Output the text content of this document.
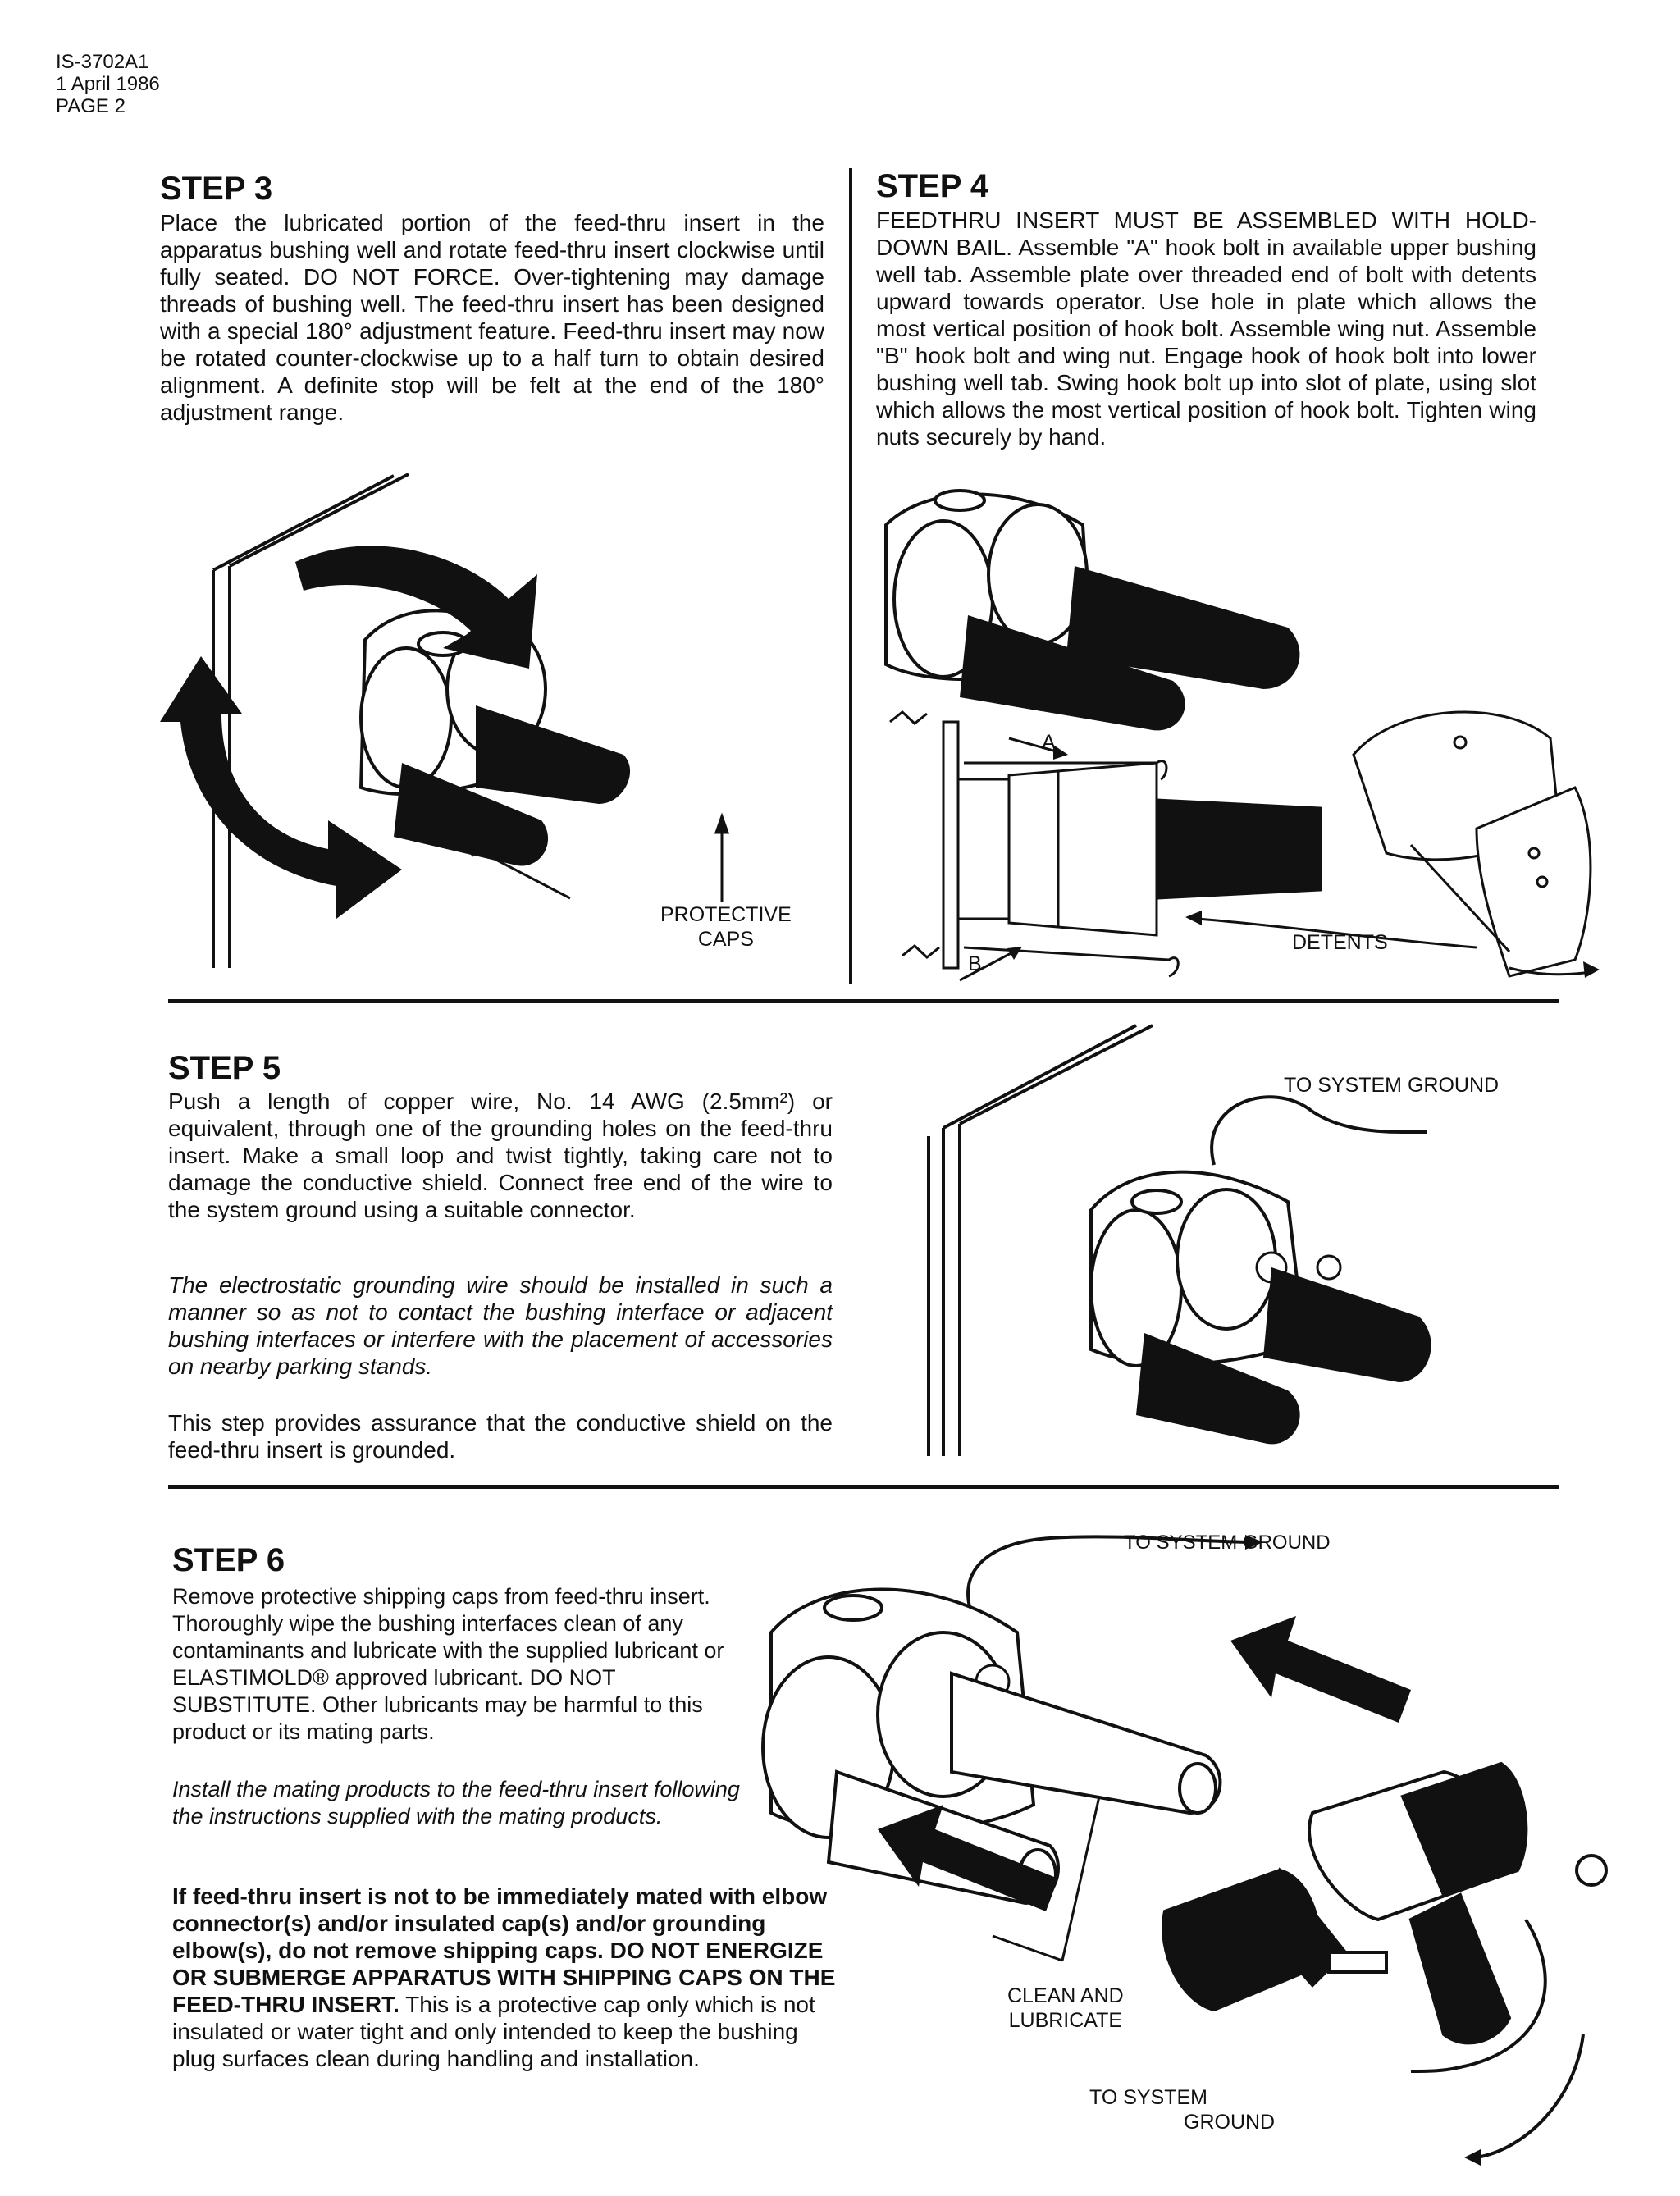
IS-3702A1
1 April 1986
PAGE 2
STEP 3
Place the lubricated portion of the feed-thru insert in the apparatus bushing well and rotate feed-thru insert clockwise until fully seated. DO NOT FORCE. Over-tightening may damage threads of bushing well. The feed-thru insert has been designed with a special 180° adjustment feature. Feed-thru insert may now be rotated counter-clockwise up to a half turn to obtain desired alignment. A definite stop will be felt at the end of the 180° adjustment range.
PROTECTIVE
CAPS
STEP 4
FEEDTHRU INSERT MUST BE ASSEMBLED WITH HOLD-DOWN BAIL. Assemble "A" hook bolt in available upper bushing well tab. Assemble plate over threaded end of bolt with detents upward towards operator. Use hole in plate which allows the most vertical position of hook bolt. Assemble wing nut. Assemble "B" hook bolt and wing nut. Engage hook of hook bolt into lower bushing well tab. Swing hook bolt up into slot of plate, using slot which allows the most vertical position of hook bolt. Tighten wing nuts securely by hand.
A
B
DETENTS
STEP 5
Push a length of copper wire, No. 14 AWG (2.5mm²) or equivalent, through one of the grounding holes on the feed-thru insert. Make a small loop and twist tightly, taking care not to damage the conductive shield. Connect free end of the wire to the system ground using a suitable connector.
The electrostatic grounding wire should be installed in such a manner so as not to contact the bushing interface or adjacent bushing interfaces or interfere with the placement of accessories on nearby parking stands.
This step provides assurance that the conductive shield on the feed-thru insert is grounded.
TO SYSTEM GROUND
STEP 6
Remove protective shipping caps from feed-thru insert. Thoroughly wipe the bushing interfaces clean of any contaminants and lubricate with the supplied lubricant or ELASTIMOLD® approved lubricant. DO NOT SUBSTITUTE. Other lubricants may be harmful to this product or its mating parts.
Install the mating products to the feed-thru insert following the instructions supplied with the mating products.
If feed-thru insert is not to be immediately mated with elbow connector(s) and/or insulated cap(s) and/or grounding elbow(s), do not remove shipping caps. DO NOT ENERGIZE OR SUBMERGE APPARATUS WITH SHIPPING CAPS ON THE FEED-THRU INSERT. This is a protective cap only which is not insulated or water tight and only intended to keep the bushing plug surfaces clean during handling and installation.
TO SYSTEM GROUND
CLEAN AND
LUBRICATE
TO SYSTEM
GROUND
